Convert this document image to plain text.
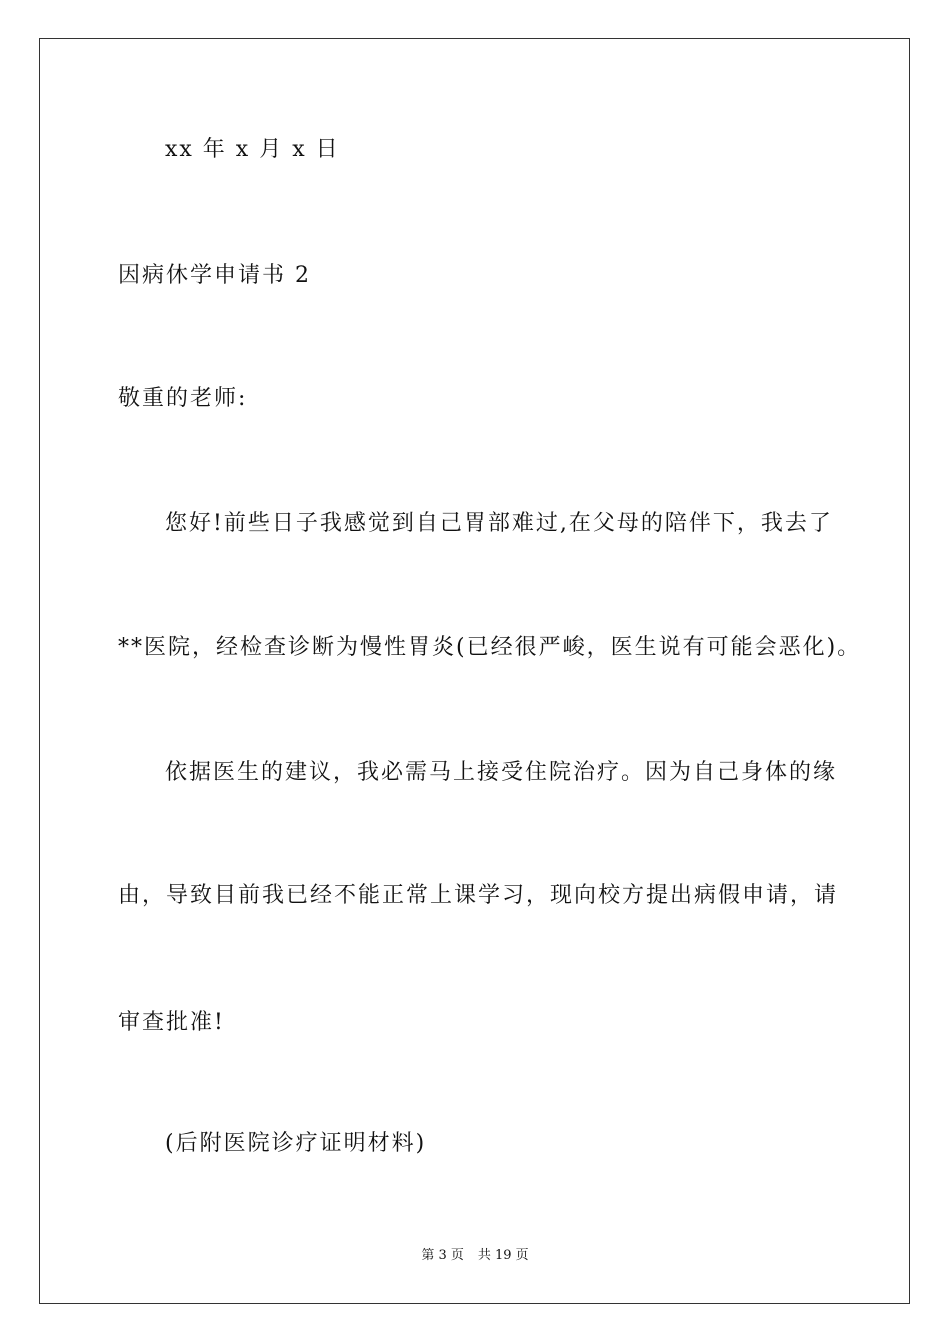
xx 年 x 月 x 日
因病休学申请书 2
敬重的老师:
您好!前些日子我感觉到自己胃部难过,在父母的陪伴下，我去了
**医院，经检查诊断为慢性胃炎(已经很严峻，医生说有可能会恶化)。
依据医生的建议，我必需马上接受住院治疗。因为自己身体的缘
由，导致目前我已经不能正常上课学习，现向校方提出病假申请，请
审查批准!
(后附医院诊疗证明材料)
第 3 页 共 19 页
